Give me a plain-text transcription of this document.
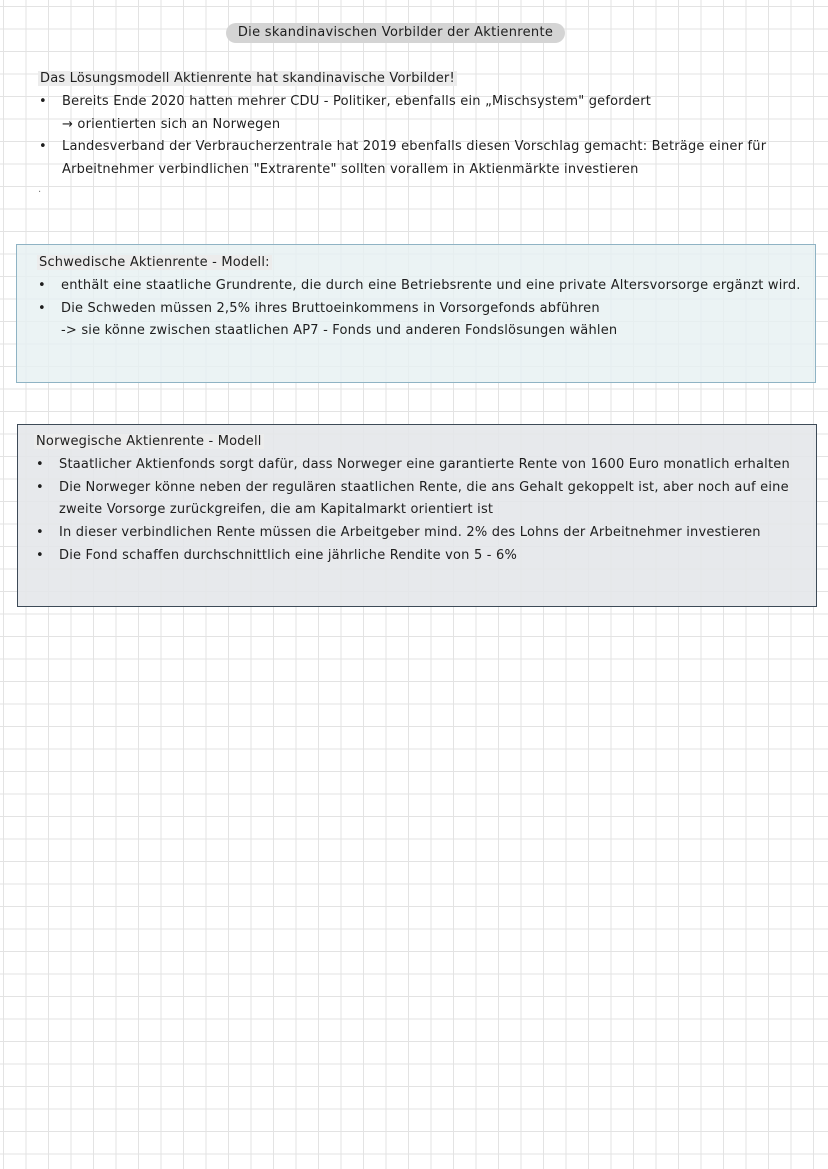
Die skandinavischen Vorbilder der Aktienrente
Das Lösungsmodell Aktienrente hat skandinavische Vorbilder!
• Bereits Ende 2020 hatten mehrer CDU - Politiker, ebenfalls ein „Mischsystem" gefordert
→ orientierten sich an Norwegen
• Landesverband der Verbraucherzentrale hat 2019 ebenfalls diesen Vorschlag gemacht: Beträge einer für Arbeitnehmer verbindlichen "Extrarente" sollten vorallem in Aktienmärkte investieren
.
Schwedische Aktienrente - Modell:
• enthält eine staatliche Grundrente, die durch eine Betriebsrente und eine private Altersvorsorge ergänzt wird.
• Die Schweden müssen 2,5% ihres Bruttoeinkommens in Vorsorgefonds abführen
-> sie könne zwischen staatlichen AP7 - Fonds und anderen Fondslösungen wählen
Norwegische Aktienrente - Modell
• Staatlicher Aktienfonds sorgt dafür, dass Norweger eine garantierte Rente von 1600 Euro monatlich erhalten
• Die Norweger könne neben der regulären staatlichen Rente, die ans Gehalt gekoppelt ist, aber noch auf eine zweite Vorsorge zurückgreifen, die am Kapitalmarkt orientiert ist
• In dieser verbindlichen Rente müssen die Arbeitgeber mind. 2% des Lohns der Arbeitnehmer investieren
• Die Fond schaffen durchschnittlich eine jährliche Rendite von 5 - 6%
